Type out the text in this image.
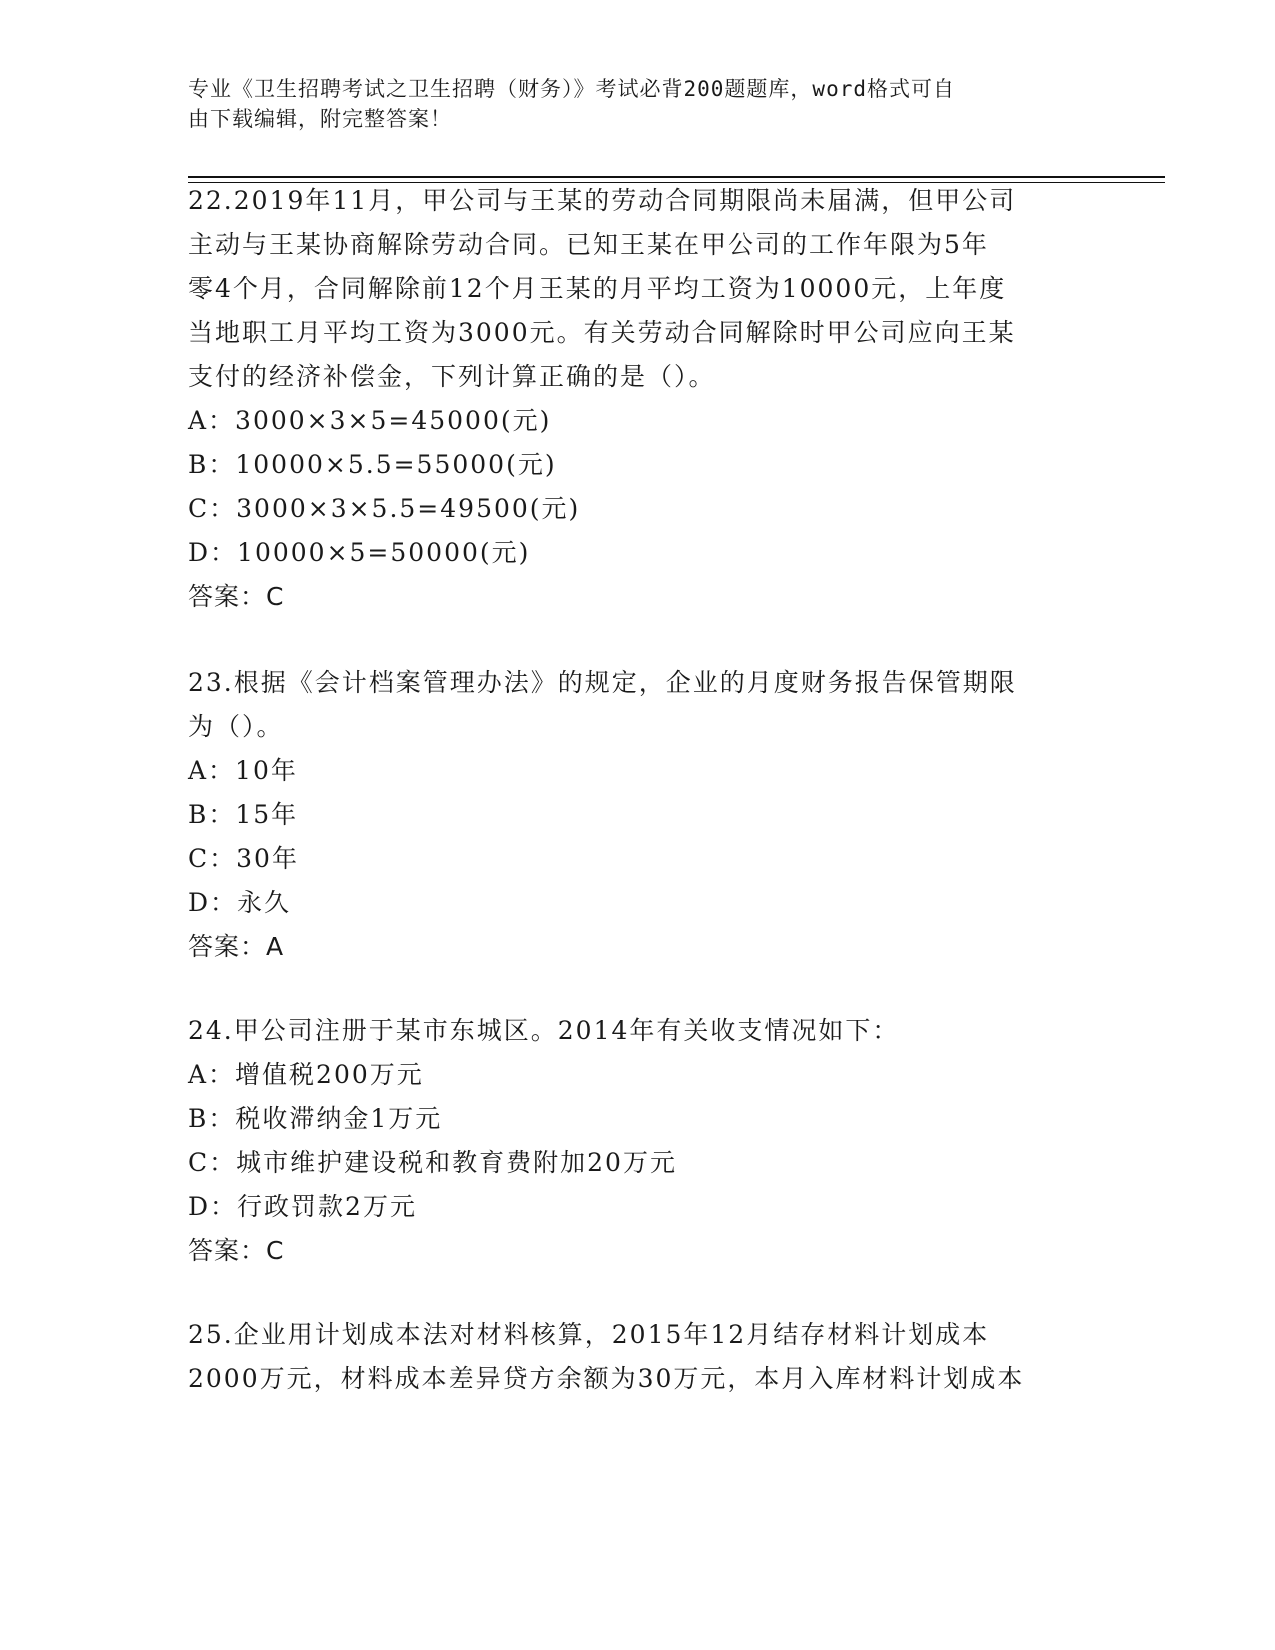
专业《卫生招聘考试之卫生招聘（财务）》考试必背200题题库，word格式可自
由下载编辑，附完整答案！

22.2019年11月，甲公司与王某的劳动合同期限尚未届满，但甲公司

主动与王某协商解除劳动合同。已知王某在甲公司的工作年限为5年

零4个月，合同解除前12个月王某的月平均工资为10000元，上年度

当地职工月平均工资为3000元。有关劳动合同解除时甲公司应向王某

支付的经济补偿金，下列计算正确的是（）。

A：3000×3×5=45000(元)

B：10000×5.5=55000(元)

C：3000×3×5.5=49500(元)

D：10000×5=50000(元)

答案：C

23.根据《会计档案管理办法》的规定，企业的月度财务报告保管期限

为（）。

A：10年

B：15年

C：30年

D：永久

答案：A

24.甲公司注册于某市东城区。2014年有关收支情况如下：

A：增值税200万元

B：税收滞纳金1万元

C：城市维护建设税和教育费附加20万元

D：行政罚款2万元

答案：C

25.企业用计划成本法对材料核算，2015年12月结存材料计划成本

2000万元，材料成本差异贷方余额为30万元，本月入库材料计划成本
